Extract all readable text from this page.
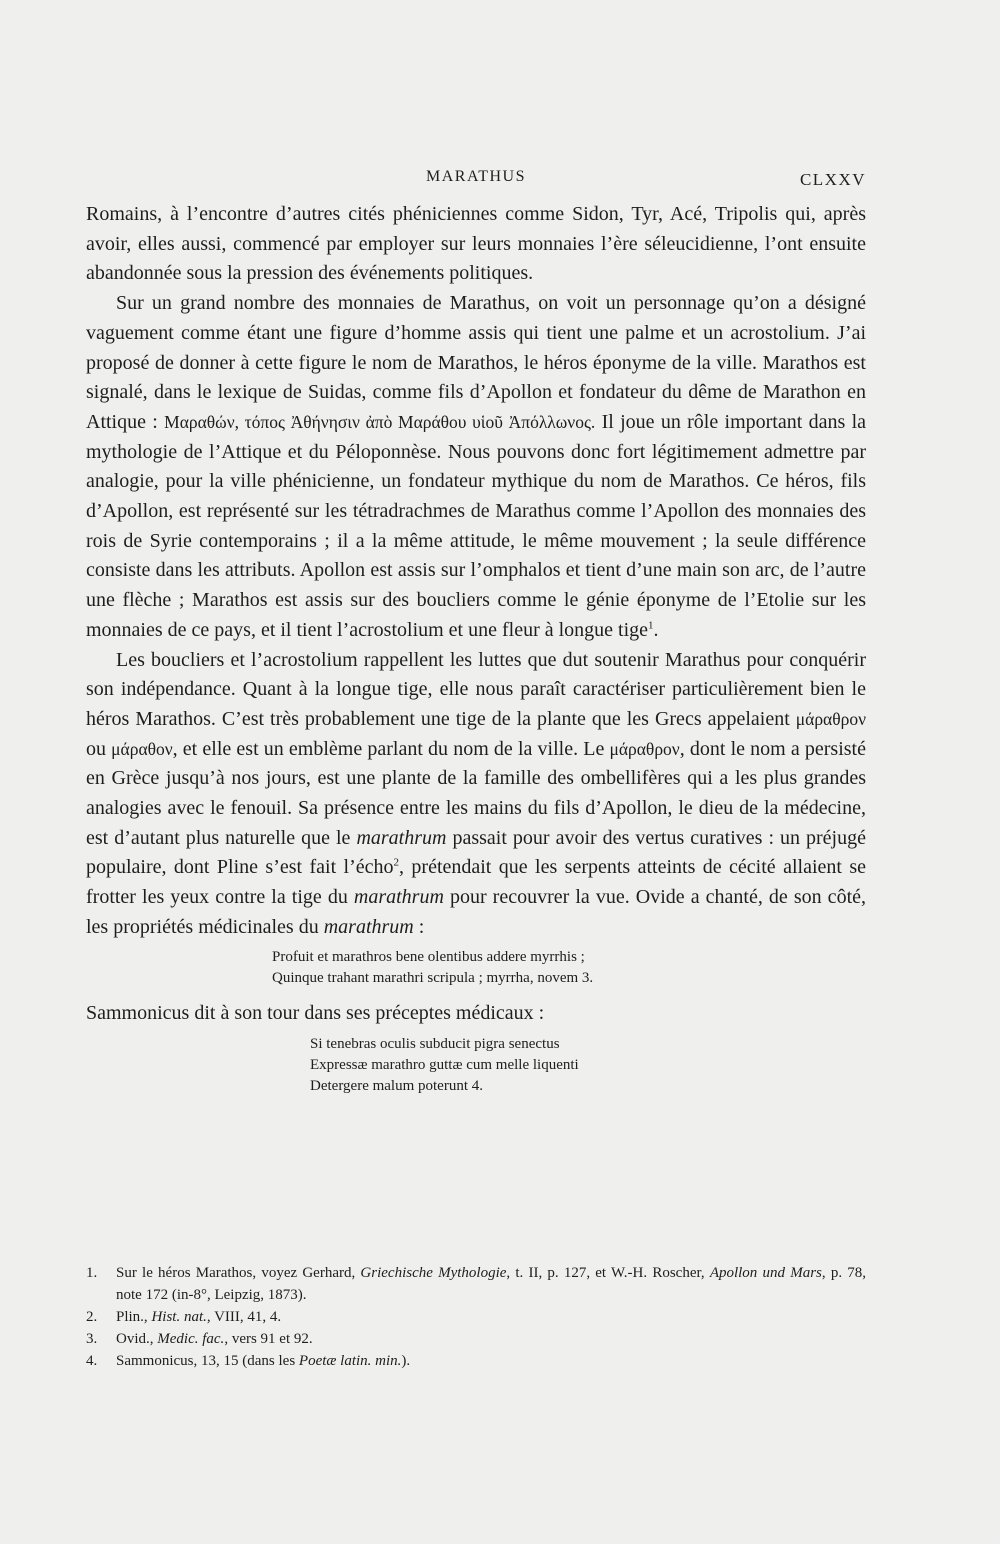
MARATHUS	CLXXV

Romains, à l’encontre d’autres cités phéniciennes comme Sidon, Tyr, Acé, Tripolis qui, après avoir, elles aussi, commencé par employer sur leurs monnaies l’ère séleucidienne, l’ont ensuite abandonnée sous la pression des événements politiques.

Sur un grand nombre des monnaies de Marathus, on voit un personnage qu’on a désigné vaguement comme étant une figure d’homme assis qui tient une palme et un acrostolium. J’ai proposé de donner à cette figure le nom de Marathos, le héros éponyme de la ville. Marathos est signalé, dans le lexique de Suidas, comme fils d’Apollon et fondateur du dême de Marathon en Attique : Μαραθών, τόπος Ἀθήνησιν ἀπὸ Μαράθου υἱοῦ Ἀπόλλωνος. Il joue un rôle important dans la mythologie de l’Attique et du Péloponnèse. Nous pouvons donc fort légitimement admettre par analogie, pour la ville phénicienne, un fondateur mythique du nom de Marathos. Ce héros, fils d’Apollon, est représenté sur les tétradrachmes de Marathus comme l’Apollon des monnaies des rois de Syrie contemporains ; il a la même attitude, le même mouvement ; la seule différence consiste dans les attributs. Apollon est assis sur l’omphalos et tient d’une main son arc, de l’autre une flèche ; Marathos est assis sur des boucliers comme le génie éponyme de l’Etolie sur les monnaies de ce pays, et il tient l’acrostolium et une fleur à longue tige$^1$.

Les boucliers et l’acrostolium rappellent les luttes que dut soutenir Marathus pour conquérir son indépendance. Quant à la longue tige, elle nous paraît caractériser particulièrement bien le héros Marathos. C’est très probablement une tige de la plante que les Grecs appelaient μάραθρον ou μάραθον, et elle est un emblème parlant du nom de la ville. Le μάραθρον, dont le nom a persisté en Grèce jusqu’à nos jours, est une plante de la famille des ombellifères qui a les plus grandes analogies avec le fenouil. Sa présence entre les mains du fils d’Apollon, le dieu de la médecine, est d’autant plus naturelle que le marathrum passait pour avoir des vertus curatives : un préjugé populaire, dont Pline s’est fait l’écho$^2$, prétendait que les serpents atteints de cécité allaient se frotter les yeux contre la tige du marathrum pour recouvrer la vue. Ovide a chanté, de son côté, les propriétés médicinales du marathrum :

Profuit et marathros bene olentibus addere myrrhis ;
Quinque trahant marathri scripula ; myrrha, novem 3.

Sammonicus dit à son tour dans ses préceptes médicaux :

Si tenebras oculis subducit pigra senectus
Expressæ marathro guttæ cum melle liquenti
Detergere malum poterunt 4.

1. Sur le héros Marathos, voyez Gerhard, Griechische Mythologie, t. II, p. 127, et W.-H. Roscher, Apollon und Mars, p. 78, note 172 (in-8°, Leipzig, 1873).

2. Plin., Hist. nat., VIII, 41, 4.

3. Ovid., Medic. fac., vers 91 et 92.

4. Sammonicus, 13, 15 (dans les Poetæ latin. min.).
